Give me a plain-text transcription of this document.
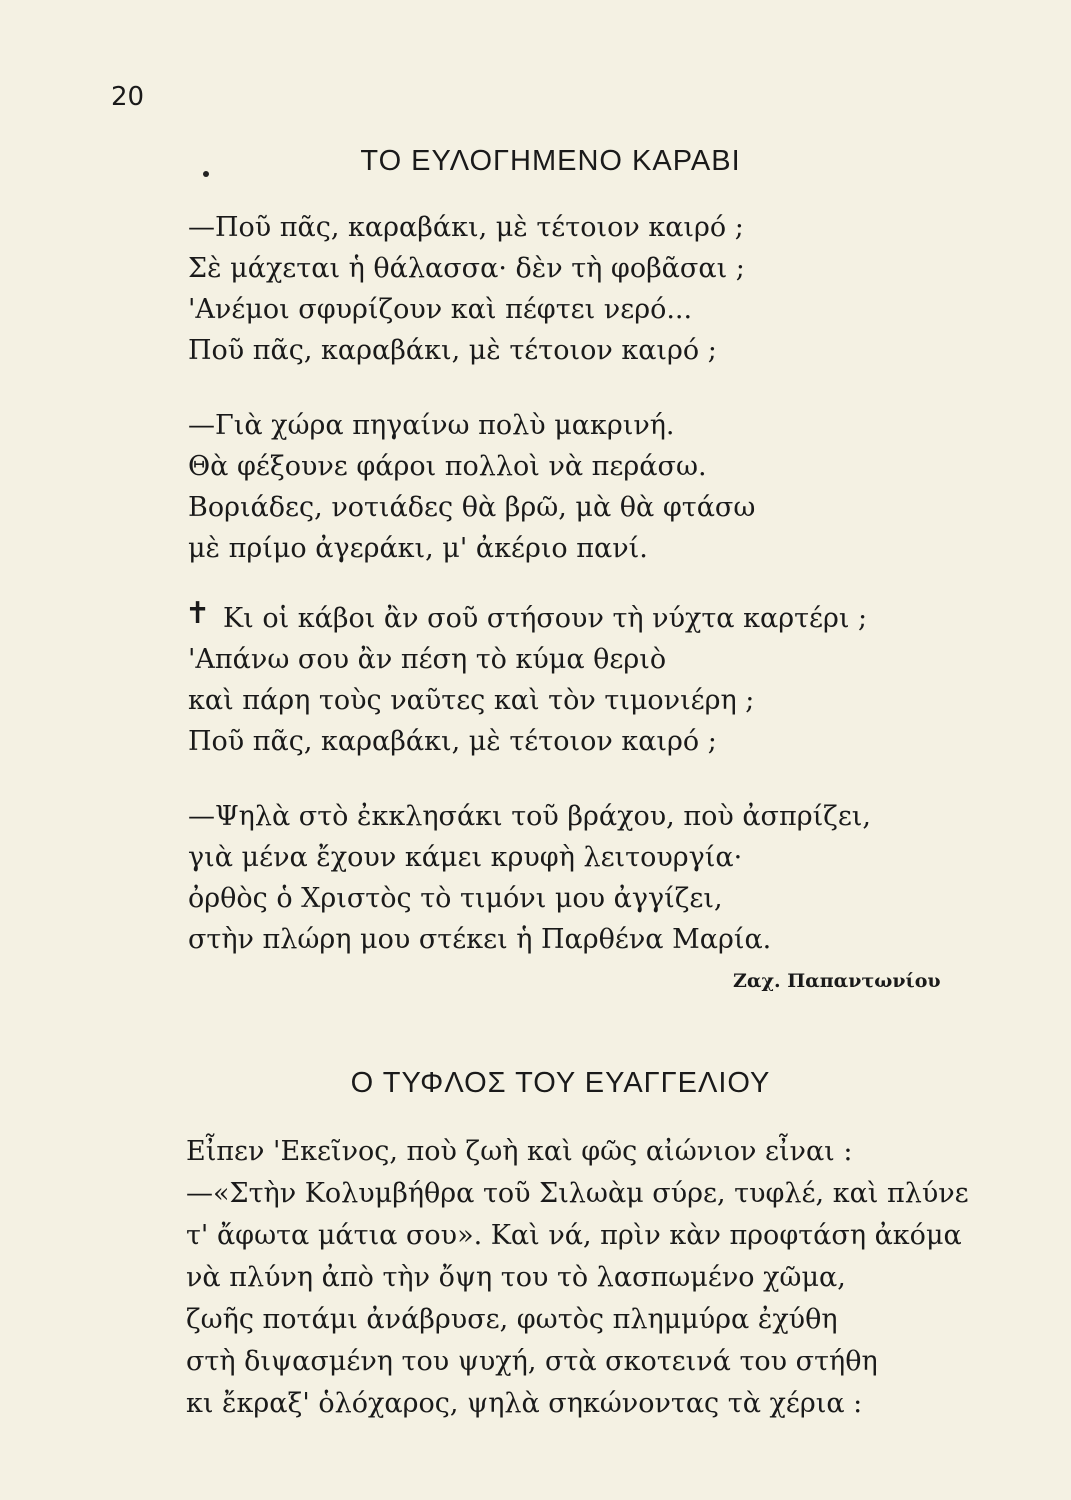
20
ΤΟ ΕΥΛΟΓΗΜΕΝΟ ΚΑΡΑΒΙ
—Ποῦ πᾶς, καραβάκι, μὲ τέτοιον καιρό ;
Σὲ μάχεται ἡ θάλασσα· δὲν τὴ φοβᾶσαι ;
'Ανέμοι σφυρίζουν καὶ πέφτει νερό...
Ποῦ πᾶς, καραβάκι, μὲ τέτοιον καιρό ;
—Γιὰ χώρα πηγαίνω πολὺ μακρινή.
Θὰ φέξουνε φάροι πολλοὶ νὰ περάσω.
Βοριάδες, νοτιάδες θὰ βρῶ, μὰ θὰ φτάσω
μὲ πρίμο ἀγεράκι, μ' ἀκέριο πανί.
✝ Κι οἱ κάβοι ἂν σοῦ στήσουν τὴ νύχτα καρτέρι ;
'Απάνω σου ἂν πέση τὸ κύμα θεριὸ
καὶ πάρη τοὺς ναῦτες καὶ τὸν τιμονιέρη ;
Ποῦ πᾶς, καραβάκι, μὲ τέτοιον καιρό ;
—Ψηλὰ στὸ ἐκκλησάκι τοῦ βράχου, ποὺ ἀσπρίζει,
γιὰ μένα ἔχουν κάμει κρυφὴ λειτουργία·
ὀρθὸς ὁ Χριστὸς τὸ τιμόνι μου ἀγγίζει,
στὴν πλώρη μου στέκει ἡ Παρθένα Μαρία.
Ζαχ. Παπαντωνίου
Ο ΤΥΦΛΟΣ ΤΟΥ ΕΥΑΓΓΕΛΙΟΥ
Εἶπεν 'Εκεῖνος, ποὺ ζωὴ καὶ φῶς αἰώνιον εἶναι :
—«Στὴν Κολυμβήθρα τοῦ Σιλωὰμ σύρε, τυφλέ, καὶ πλύνε
τ' ἄφωτα μάτια σου». Καὶ νά, πρὶν κὰν προφτάση ἀκόμα
νὰ πλύνη ἀπὸ τὴν ὄψη του τὸ λασπωμένο χῶμα,
ζωῆς ποτάμι ἀνάβρυσε, φωτὸς πλημμύρα ἐχύθη
στὴ διψασμένη του ψυχή, στὰ σκοτεινά του στήθη
κι ἔκραξ' ὁλόχαρος, ψηλὰ σηκώνοντας τὰ χέρια :
